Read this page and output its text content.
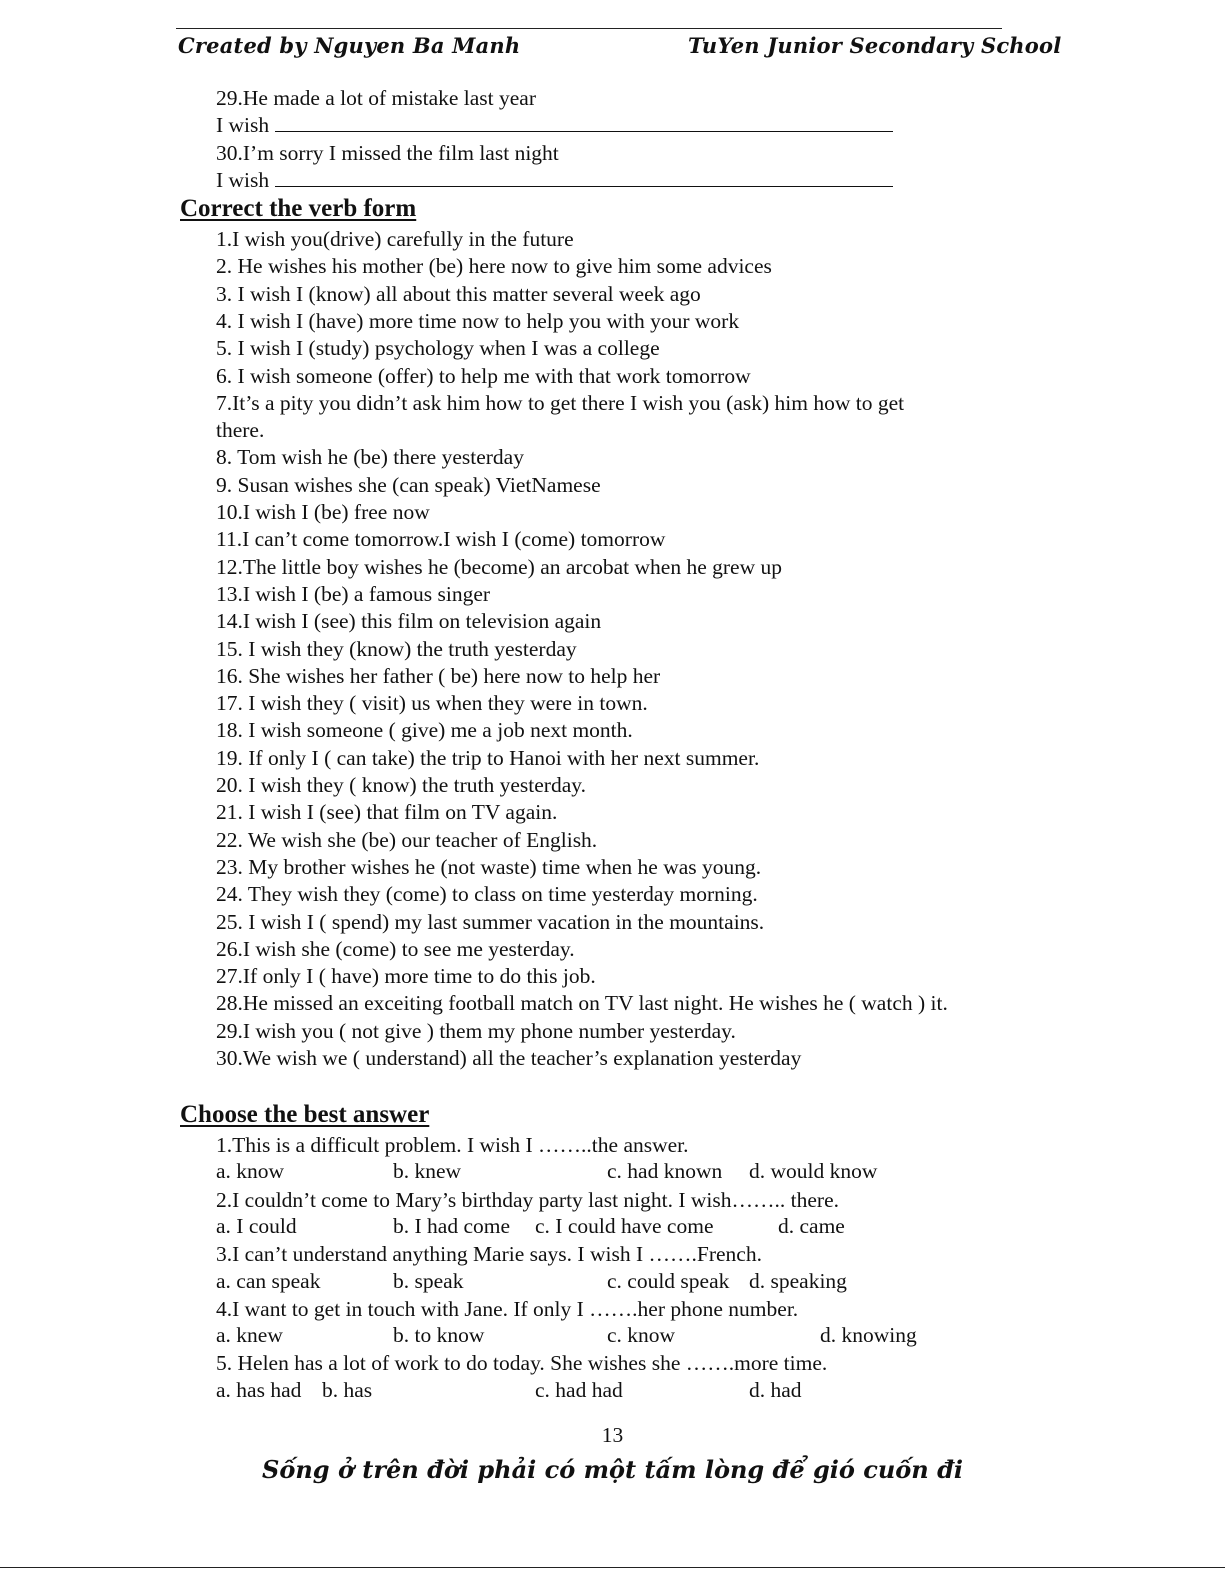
Created by Nguyen Ba Manh	TuYen Junior Secondary School
29.He made a lot of mistake last year
I wish
30.I’m sorry I missed the film last night
I wish
Correct the verb form
1.I wish you(drive) carefully in the future
2. He wishes his mother (be) here now to give him some advices
3. I wish I (know) all about this matter several week ago
4. I wish I (have) more time now to help you with your work
5. I wish I (study) psychology when I was a college
6. I wish someone (offer) to help me with that work tomorrow
7.It’s a pity you didn’t ask him how to get there I wish you (ask) him how to get
there.
8. Tom wish he (be) there yesterday
9. Susan wishes she (can speak) VietNamese
10.I wish I (be) free now
11.I can’t come tomorrow.I wish I (come) tomorrow
12.The little boy wishes he (become) an arcobat when he grew up
13.I wish I (be) a famous singer
14.I wish I (see) this film on television again
15. I wish they (know) the truth yesterday
16. She wishes her father ( be) here now to help her
17. I wish they ( visit) us when they were in town.
18. I wish someone ( give) me a job next month.
19. If only I ( can take) the trip to Hanoi with her next summer.
20. I wish they ( know) the truth yesterday.
21. I wish I (see) that film on TV again.
22. We wish she (be) our teacher of English.
23. My brother wishes he (not waste) time when he was young.
24. They wish they (come) to class on time yesterday morning.
25. I wish I ( spend) my last summer vacation in the mountains.
26.I wish she (come) to see me yesterday.
27.If only I ( have) more time to do this job.
28.He missed an exceiting football match on TV last night. He wishes he ( watch ) it.
29.I wish you ( not give ) them my phone number yesterday.
30.We wish we ( understand) all the teacher’s explanation yesterday
Choose the best answer
1.This is a difficult problem. I wish I ……..the answer.
a. know	b. knew	c. had known d. would know
2.I couldn’t come to Mary’s birthday party last night. I wish…….. there.
a. I could	b. I had come c. I could have come	d. came
3.I can’t understand anything Marie says. I wish I …….French.
a. can speak	b. speak	c. could speak d. speaking
4.I want to get in touch with Jane. If only I …….her phone number.
a. knew	b. to know	c. know	d. knowing
5. Helen has a lot of work to do today. She wishes she …….more time.
a. has had b. has	c. had had	d. had
13
Sống ở trên đời phải có một tấm lòng để gió cuốn đi
